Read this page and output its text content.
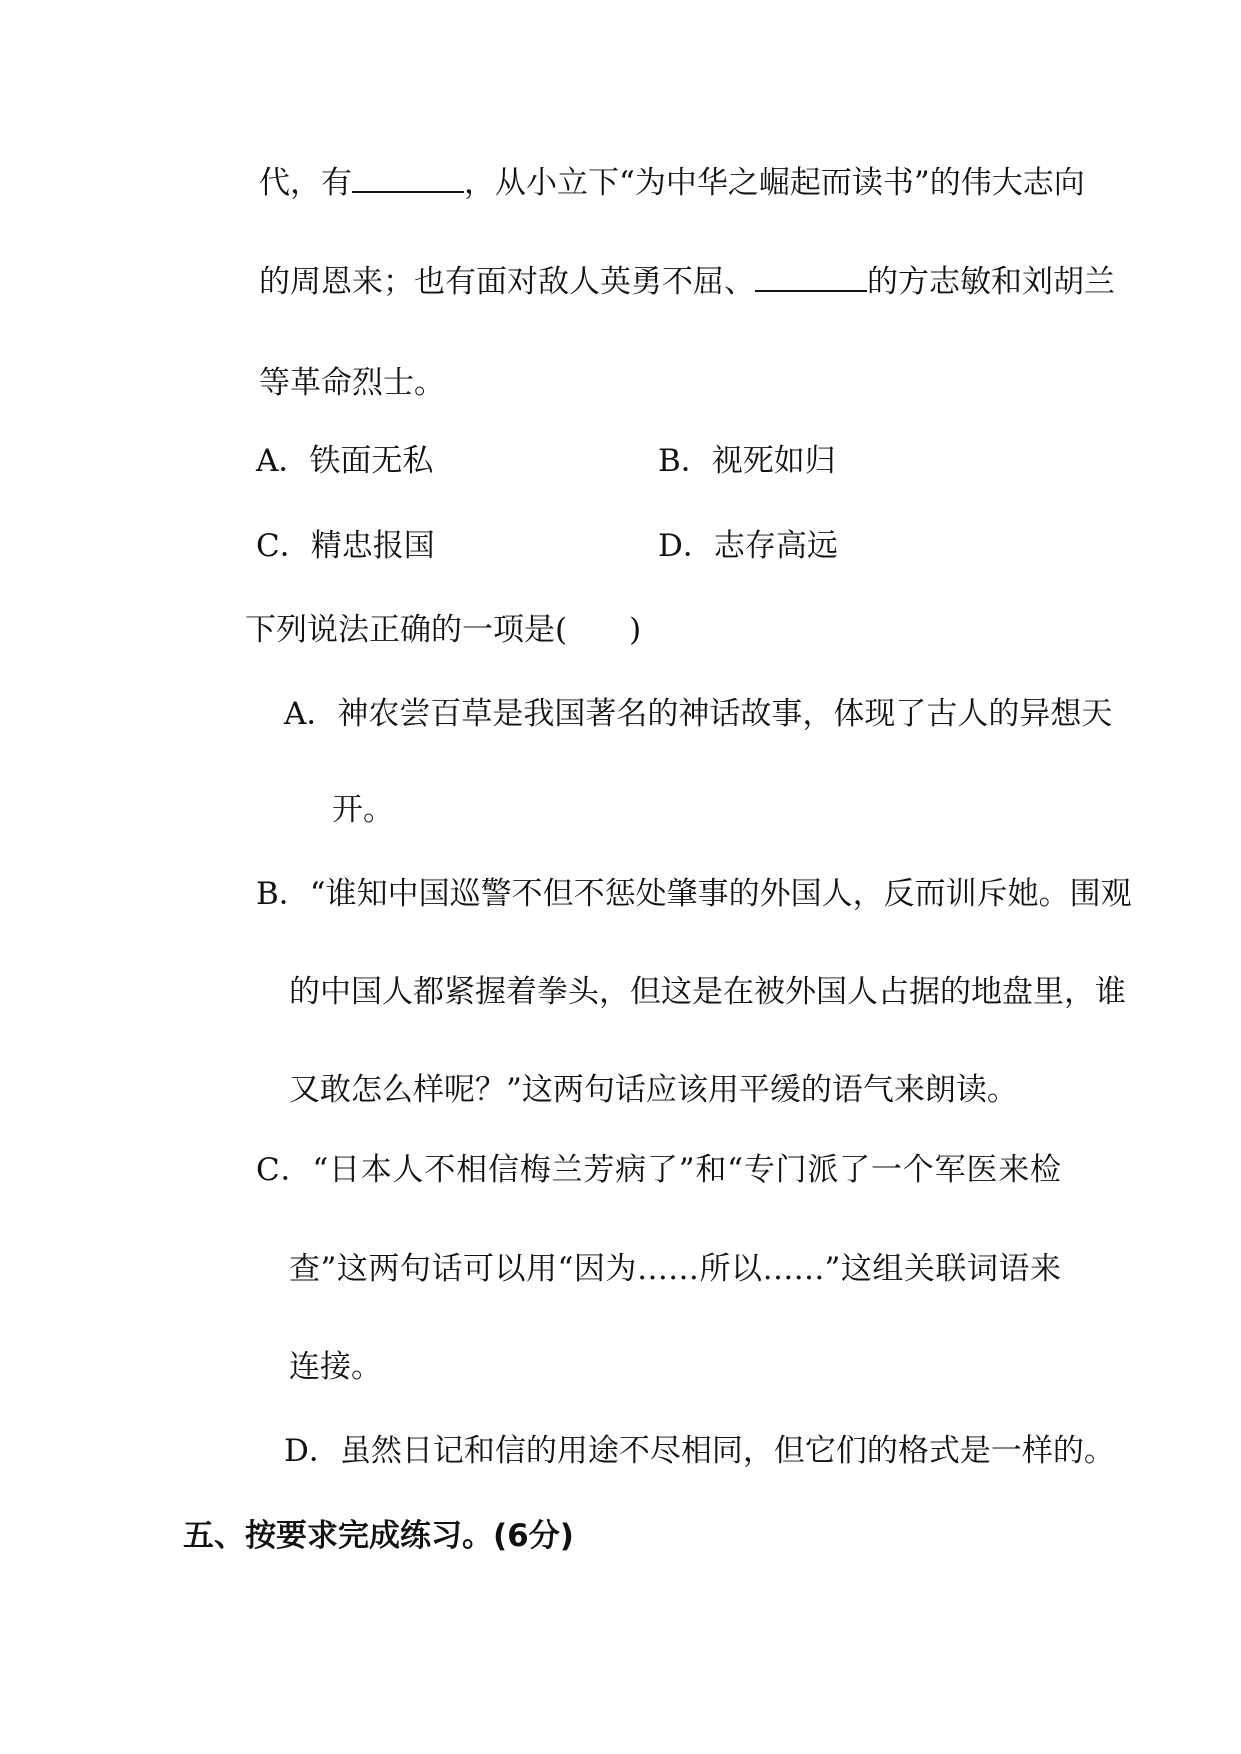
代，有	，从小立下“为中华之崛起而读书”的伟大志向
的周恩来；也有面对敌人英勇不屈、	的方志敏和刘胡兰
等革命烈士。
A．铁面无私	B．视死如归
C．精忠报国	D．志存高远
下列说法正确的一项是(　　)
A．神农尝百草是我国著名的神话故事，体现了古人的异想天
开。
B．“谁知中国巡警不但不惩处肇事的外国人，反而训斥她。围观
的中国人都紧握着拳头，但这是在被外国人占据的地盘里，谁
又敢怎么样呢？”这两句话应该用平缓的语气来朗读。
C．“日本人不相信梅兰芳病了”和“专门派了一个军医来检
查”这两句话可以用“因为……所以……”这组关联词语来
连接。
D．虽然日记和信的用途不尽相同，但它们的格式是一样的。
五、按要求完成练习。(6分)
